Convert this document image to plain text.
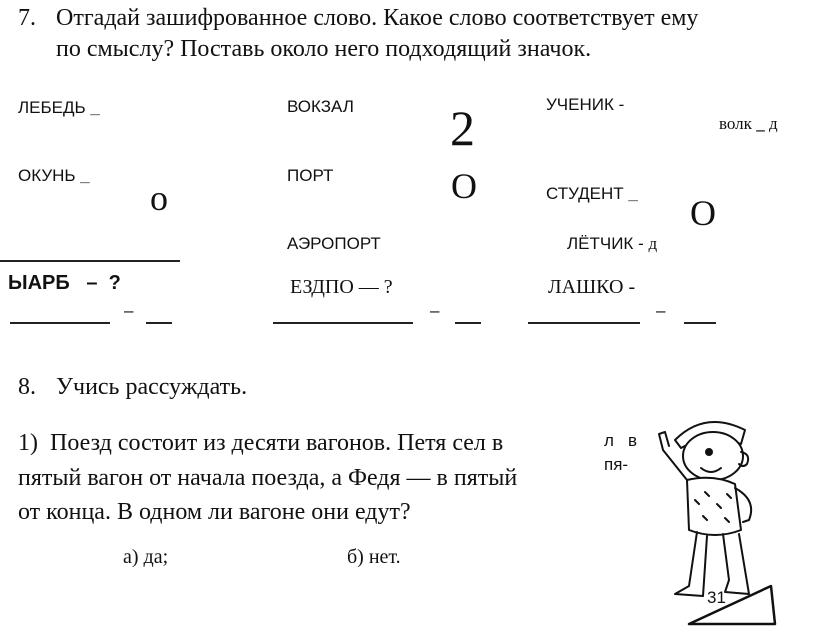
7. Отгадай зашифрованное слово. Какое слово соответствует ему
по смыслу? Поставь около него подходящий значок.
ЛЕБЕДЬ _
ОКУНЬ _
о
ВОКЗАЛ
ПОРТ
АЭРОПОРТ
2
О
УЧЕНИК -
волк _ д
СТУДЕНТ _ О
ЛЁТЧИК - д
ЫАРБ – ?	ЕЗДПО — ?	ЛАШКО -
–	–	–
8. Учись рассуждать.
1) Поезд состоит из десяти вагонов. Петя сел в
пятый вагон от начала поезда, а Федя — в пятый
от конца. В одном ли вагоне они едут?
а) да;	б) нет.
л в
пя-
31
